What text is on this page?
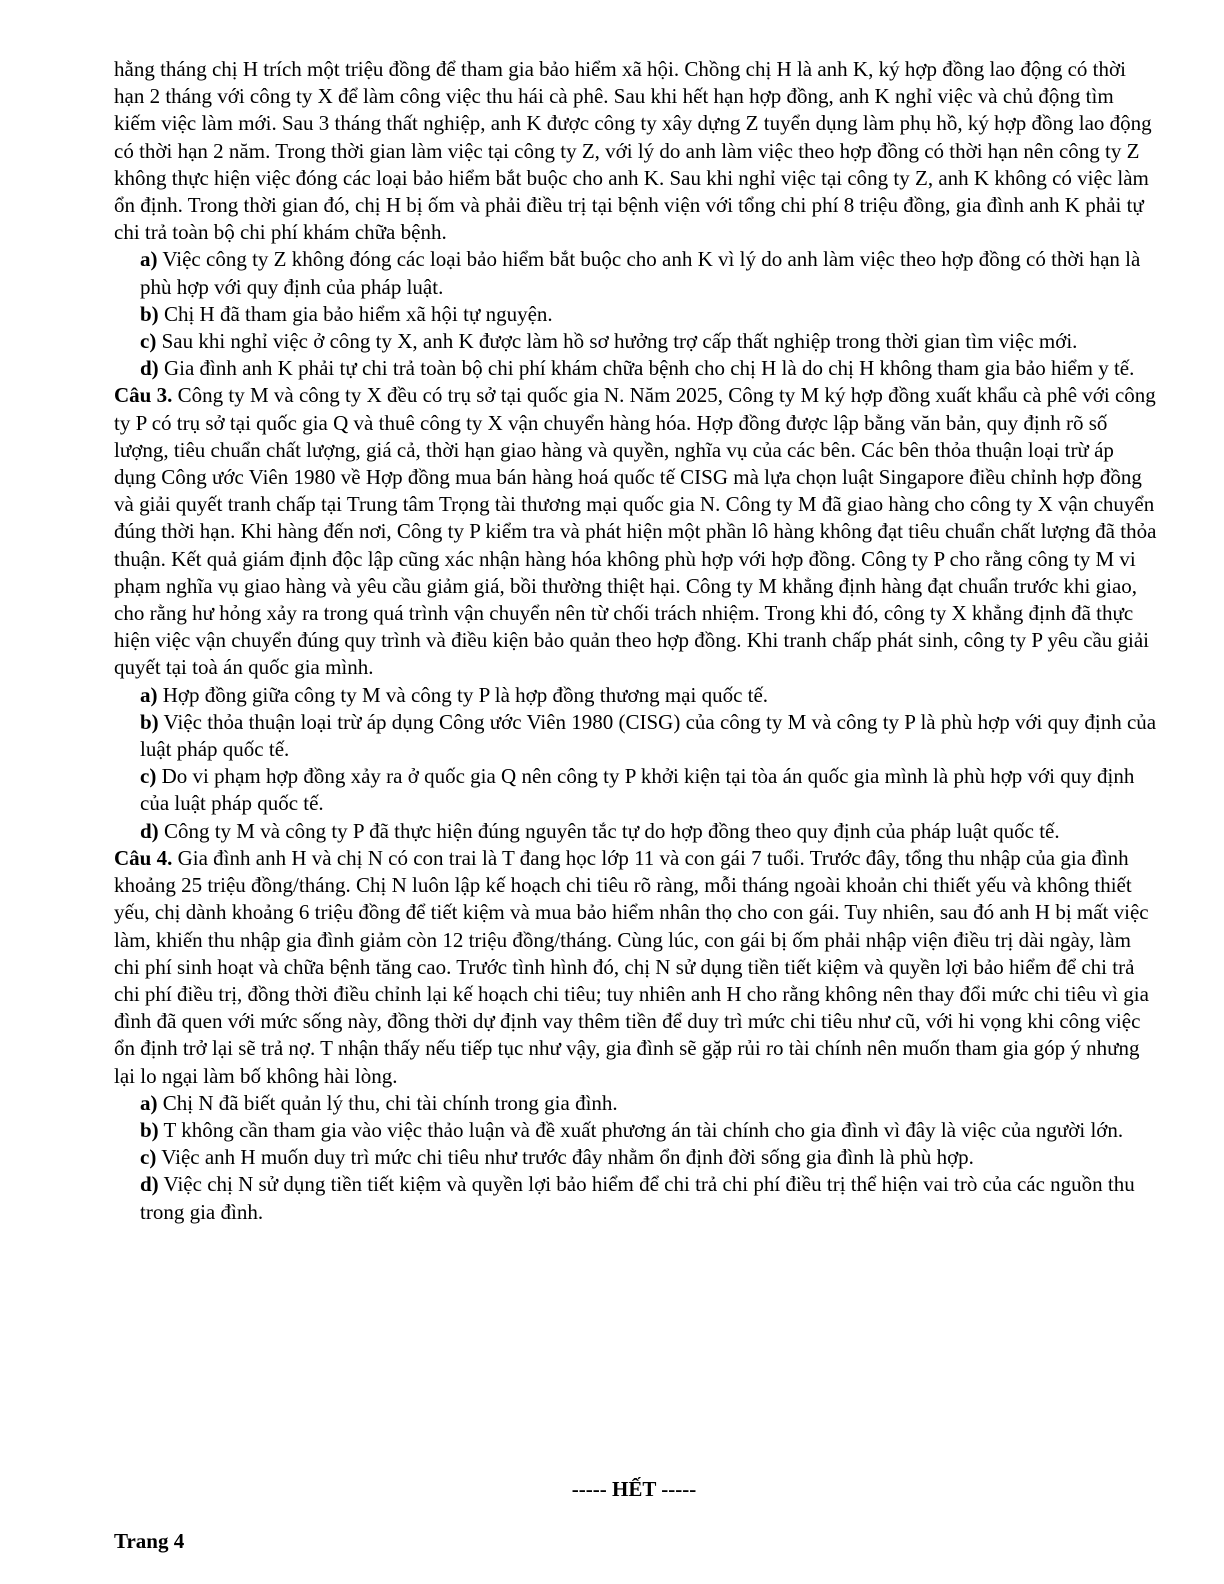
hằng tháng chị H trích một triệu đồng để tham gia bảo hiểm xã hội. Chồng chị H là anh K, ký hợp đồng lao động có thời hạn 2 tháng với công ty X để làm công việc thu hái cà phê. Sau khi hết hạn hợp đồng, anh K nghỉ việc và chủ động tìm kiếm việc làm mới. Sau 3 tháng thất nghiệp, anh K được công ty xây dựng Z tuyển dụng làm phụ hồ, ký hợp đồng lao động có thời hạn 2 năm. Trong thời gian làm việc tại công ty Z, với lý do anh làm việc theo hợp đồng có thời hạn nên công ty Z không thực hiện việc đóng các loại bảo hiểm bắt buộc cho anh K. Sau khi nghỉ việc tại công ty Z, anh K không có việc làm ổn định. Trong thời gian đó, chị H bị ốm và phải điều trị tại bệnh viện với tổng chi phí 8 triệu đồng, gia đình anh K phải tự chi trả toàn bộ chi phí khám chữa bệnh.

a) Việc công ty Z không đóng các loại bảo hiểm bắt buộc cho anh K vì lý do anh làm việc theo hợp đồng có thời hạn là phù hợp với quy định của pháp luật.

b) Chị H đã tham gia bảo hiểm xã hội tự nguyện.

c) Sau khi nghỉ việc ở công ty X, anh K được làm hồ sơ hưởng trợ cấp thất nghiệp trong thời gian tìm việc mới.

d) Gia đình anh K phải tự chi trả toàn bộ chi phí khám chữa bệnh cho chị H là do chị H không tham gia bảo hiểm y tế.

Câu 3. Công ty M và công ty X đều có trụ sở tại quốc gia N. Năm 2025, Công ty M ký hợp đồng xuất khẩu cà phê với công ty P có trụ sở tại quốc gia Q và thuê công ty X vận chuyển hàng hóa. Hợp đồng được lập bằng văn bản, quy định rõ số lượng, tiêu chuẩn chất lượng, giá cả, thời hạn giao hàng và quyền, nghĩa vụ của các bên. Các bên thỏa thuận loại trừ áp dụng Công ước Viên 1980 về Hợp đồng mua bán hàng hoá quốc tế CISG mà lựa chọn luật Singapore điều chỉnh hợp đồng và giải quyết tranh chấp tại Trung tâm Trọng tài thương mại quốc gia N. Công ty M đã giao hàng cho công ty X vận chuyển đúng thời hạn. Khi hàng đến nơi, Công ty P kiểm tra và phát hiện một phần lô hàng không đạt tiêu chuẩn chất lượng đã thỏa thuận. Kết quả giám định độc lập cũng xác nhận hàng hóa không phù hợp với hợp đồng. Công ty P cho rằng công ty M vi phạm nghĩa vụ giao hàng và yêu cầu giảm giá, bồi thường thiệt hại. Công ty M khẳng định hàng đạt chuẩn trước khi giao, cho rằng hư hỏng xảy ra trong quá trình vận chuyển nên từ chối trách nhiệm. Trong khi đó, công ty X khẳng định đã thực hiện việc vận chuyển đúng quy trình và điều kiện bảo quản theo hợp đồng. Khi tranh chấp phát sinh, công ty P yêu cầu giải quyết tại toà án quốc gia mình.

a) Hợp đồng giữa công ty M và công ty P là hợp đồng thương mại quốc tế.

b) Việc thỏa thuận loại trừ áp dụng Công ước Viên 1980 (CISG) của công ty M và công ty P là phù hợp với quy định của luật pháp quốc tế.

c) Do vi phạm hợp đồng xảy ra ở quốc gia Q nên công ty P khởi kiện tại tòa án quốc gia mình là phù hợp với quy định của luật pháp quốc tế.

d) Công ty M và công ty P đã thực hiện đúng nguyên tắc tự do hợp đồng theo quy định của pháp luật quốc tế.

Câu 4. Gia đình anh H và chị N có con trai là T đang học lớp 11 và con gái 7 tuổi. Trước đây, tổng thu nhập của gia đình khoảng 25 triệu đồng/tháng. Chị N luôn lập kế hoạch chi tiêu rõ ràng, mỗi tháng ngoài khoản chi thiết yếu và không thiết yếu, chị dành khoảng 6 triệu đồng để tiết kiệm và mua bảo hiểm nhân thọ cho con gái. Tuy nhiên, sau đó anh H bị mất việc làm, khiến thu nhập gia đình giảm còn 12 triệu đồng/tháng. Cùng lúc, con gái bị ốm phải nhập viện điều trị dài ngày, làm chi phí sinh hoạt và chữa bệnh tăng cao. Trước tình hình đó, chị N sử dụng tiền tiết kiệm và quyền lợi bảo hiểm để chi trả chi phí điều trị, đồng thời điều chỉnh lại kế hoạch chi tiêu; tuy nhiên anh H cho rằng không nên thay đổi mức chi tiêu vì gia đình đã quen với mức sống này, đồng thời dự định vay thêm tiền để duy trì mức chi tiêu như cũ, với hi vọng khi công việc ổn định trở lại sẽ trả nợ. T nhận thấy nếu tiếp tục như vậy, gia đình sẽ gặp rủi ro tài chính nên muốn tham gia góp ý nhưng lại lo ngại làm bố không hài lòng.

a) Chị N đã biết quản lý thu, chi tài chính trong gia đình.

b) T không cần tham gia vào việc thảo luận và đề xuất phương án tài chính cho gia đình vì đây là việc của người lớn.

c) Việc anh H muốn duy trì mức chi tiêu như trước đây nhằm ổn định đời sống gia đình là phù hợp.

d) Việc chị N sử dụng tiền tiết kiệm và quyền lợi bảo hiểm để chi trả chi phí điều trị thể hiện vai trò của các nguồn thu trong gia đình.

----- HẾT -----
Trang 4
